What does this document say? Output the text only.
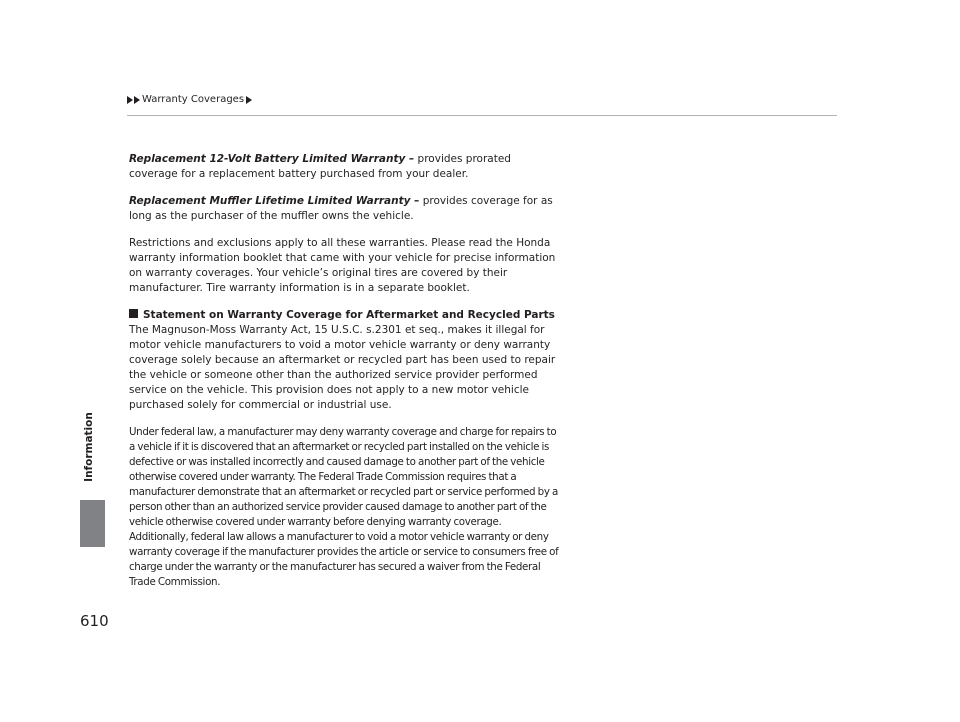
Warranty Coverages
Information

Replacement 12-Volt Battery Limited Warranty – provides prorated coverage for a replacement battery purchased from your dealer.

Replacement Muffler Lifetime Limited Warranty – provides coverage for as long as the purchaser of the muffler owns the vehicle.

Restrictions and exclusions apply to all these warranties. Please read the Honda warranty information booklet that came with your vehicle for precise information on warranty coverages. Your vehicle’s original tires are covered by their manufacturer. Tire warranty information is in a separate booklet.

Statement on Warranty Coverage for Aftermarket and Recycled Parts

The Magnuson-Moss Warranty Act, 15 U.S.C. s.2301 et seq., makes it illegal for motor vehicle manufacturers to void a motor vehicle warranty or deny warranty coverage solely because an aftermarket or recycled part has been used to repair the vehicle or someone other than the authorized service provider performed service on the vehicle. This provision does not apply to a new motor vehicle purchased solely for commercial or industrial use.

Under federal law, a manufacturer may deny warranty coverage and charge for repairs to a vehicle if it is discovered that an aftermarket or recycled part installed on the vehicle is defective or was installed incorrectly and caused damage to another part of the vehicle otherwise covered under warranty. The Federal Trade Commission requires that a manufacturer demonstrate that an aftermarket or recycled part or service performed by a person other than an authorized service provider caused damage to another part of the vehicle otherwise covered under warranty before denying warranty coverage. Additionally, federal law allows a manufacturer to void a motor vehicle warranty or deny warranty coverage if the manufacturer provides the article or service to consumers free of charge under the warranty or the manufacturer has secured a waiver from the Federal Trade Commission.

610
